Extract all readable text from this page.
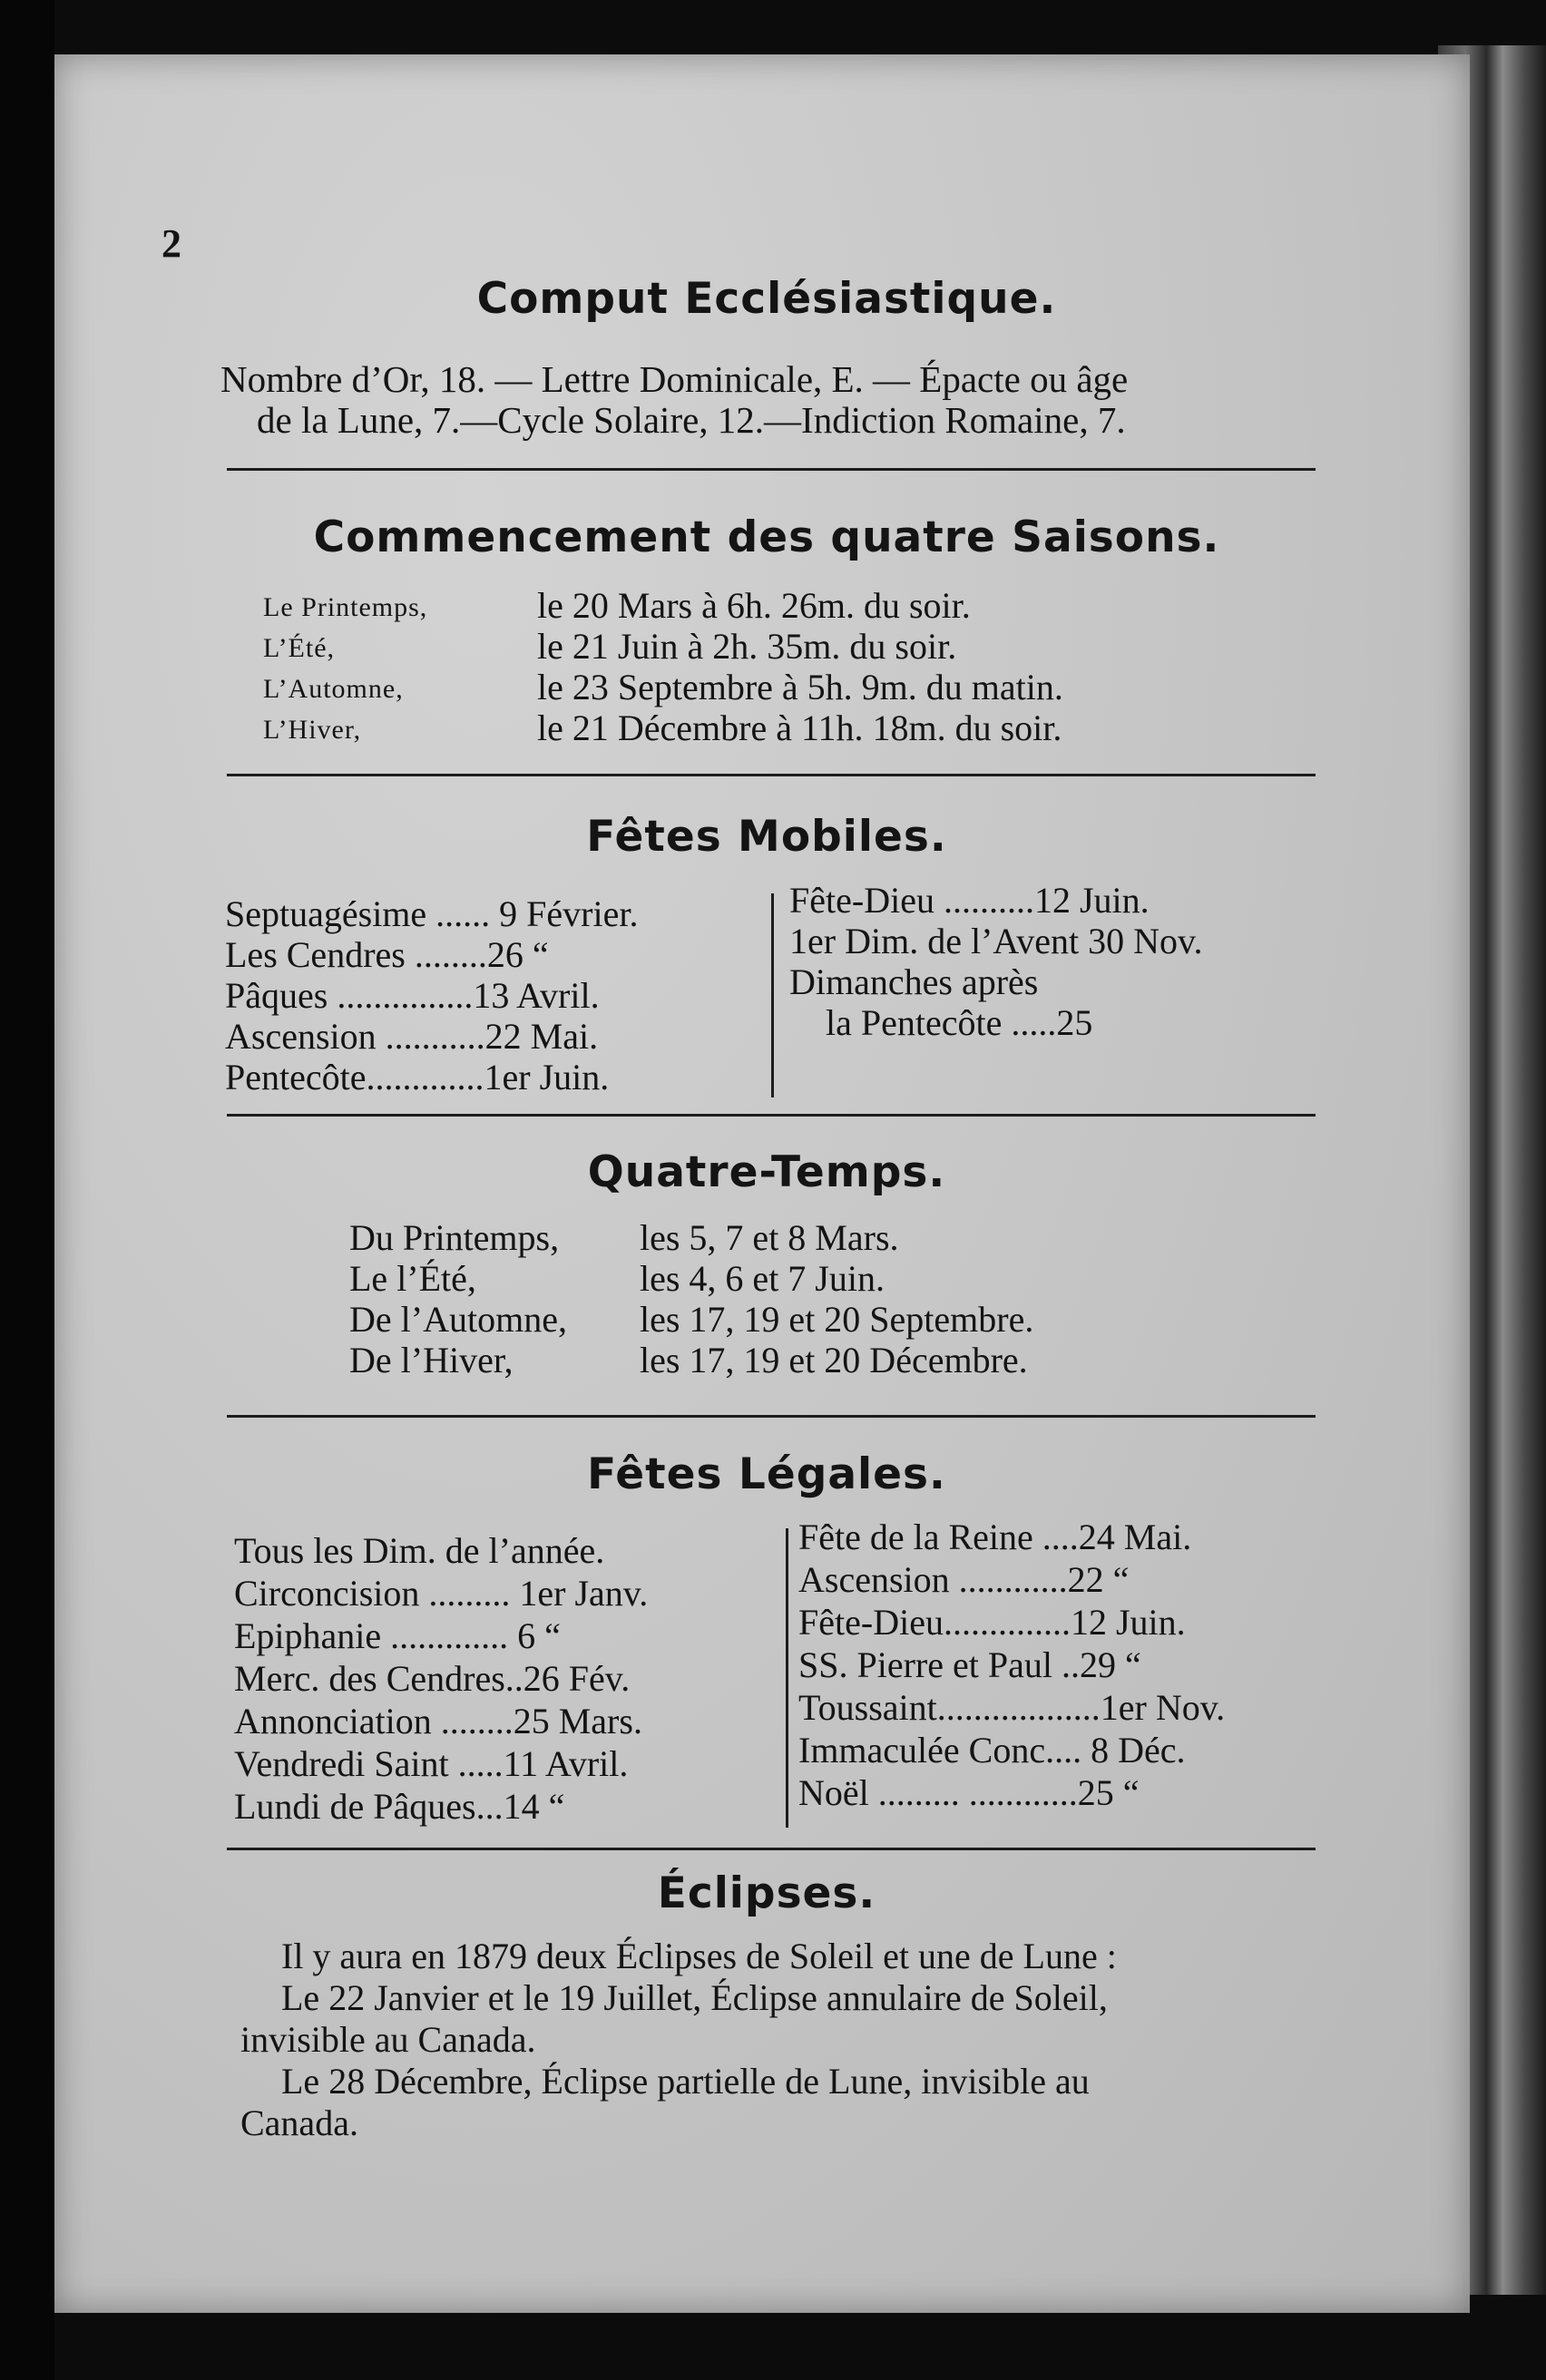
2
Comput Ecclésiastique.
Nombre d’Or, 18. — Lettre Dominicale, E. — Épacte ou âge
de la Lune, 7.—Cycle Solaire, 12.—Indiction Romaine, 7.
Commencement des quatre Saisons.
Le Printemps,	le 20 Mars à 6h. 26m. du soir.
L’Été,	le 21 Juin à 2h. 35m. du soir.
L’Automne,	le 23 Septembre à 5h. 9m. du matin.
L’Hiver,	le 21 Décembre à 11h. 18m. du soir.
Fêtes Mobiles.
Septuagésime ...... 9 Février.
Les Cendres ........26 “
Pâques ...............13 Avril.
Ascension ...........22 Mai.
Pentecôte.............1er Juin.
Fête-Dieu ..........12 Juin.
1er Dim. de l’Avent 30 Nov.
Dimanches après
la Pentecôte .....25
Quatre-Temps.
Du Printemps, les 5, 7 et 8 Mars.
Le l’Été,	les 4, 6 et 7 Juin.
De l’Automne, les 17, 19 et 20 Septembre.
De l’Hiver,	les 17, 19 et 20 Décembre.
Fêtes Légales.
Tous les Dim. de l’année.
Circoncision ......... 1er Janv.
Epiphanie ............. 6 “
Merc. des Cendres..26 Fév.
Annonciation ........25 Mars.
Vendredi Saint .....11 Avril.
Lundi de Pâques...14 “
Fête de la Reine ....24 Mai.
Ascension ............22 “
Fête-Dieu..............12 Juin.
SS. Pierre et Paul ..29 “
Toussaint..................1er Nov.
Immaculée Conc.... 8 Déc.
Noël ......... ............25 “
Éclipses.
Il y aura en 1879 deux Éclipses de Soleil et une de Lune :
Le 22 Janvier et le 19 Juillet, Éclipse annulaire de Soleil,
invisible au Canada.
Le 28 Décembre, Éclipse partielle de Lune, invisible au
Canada.
